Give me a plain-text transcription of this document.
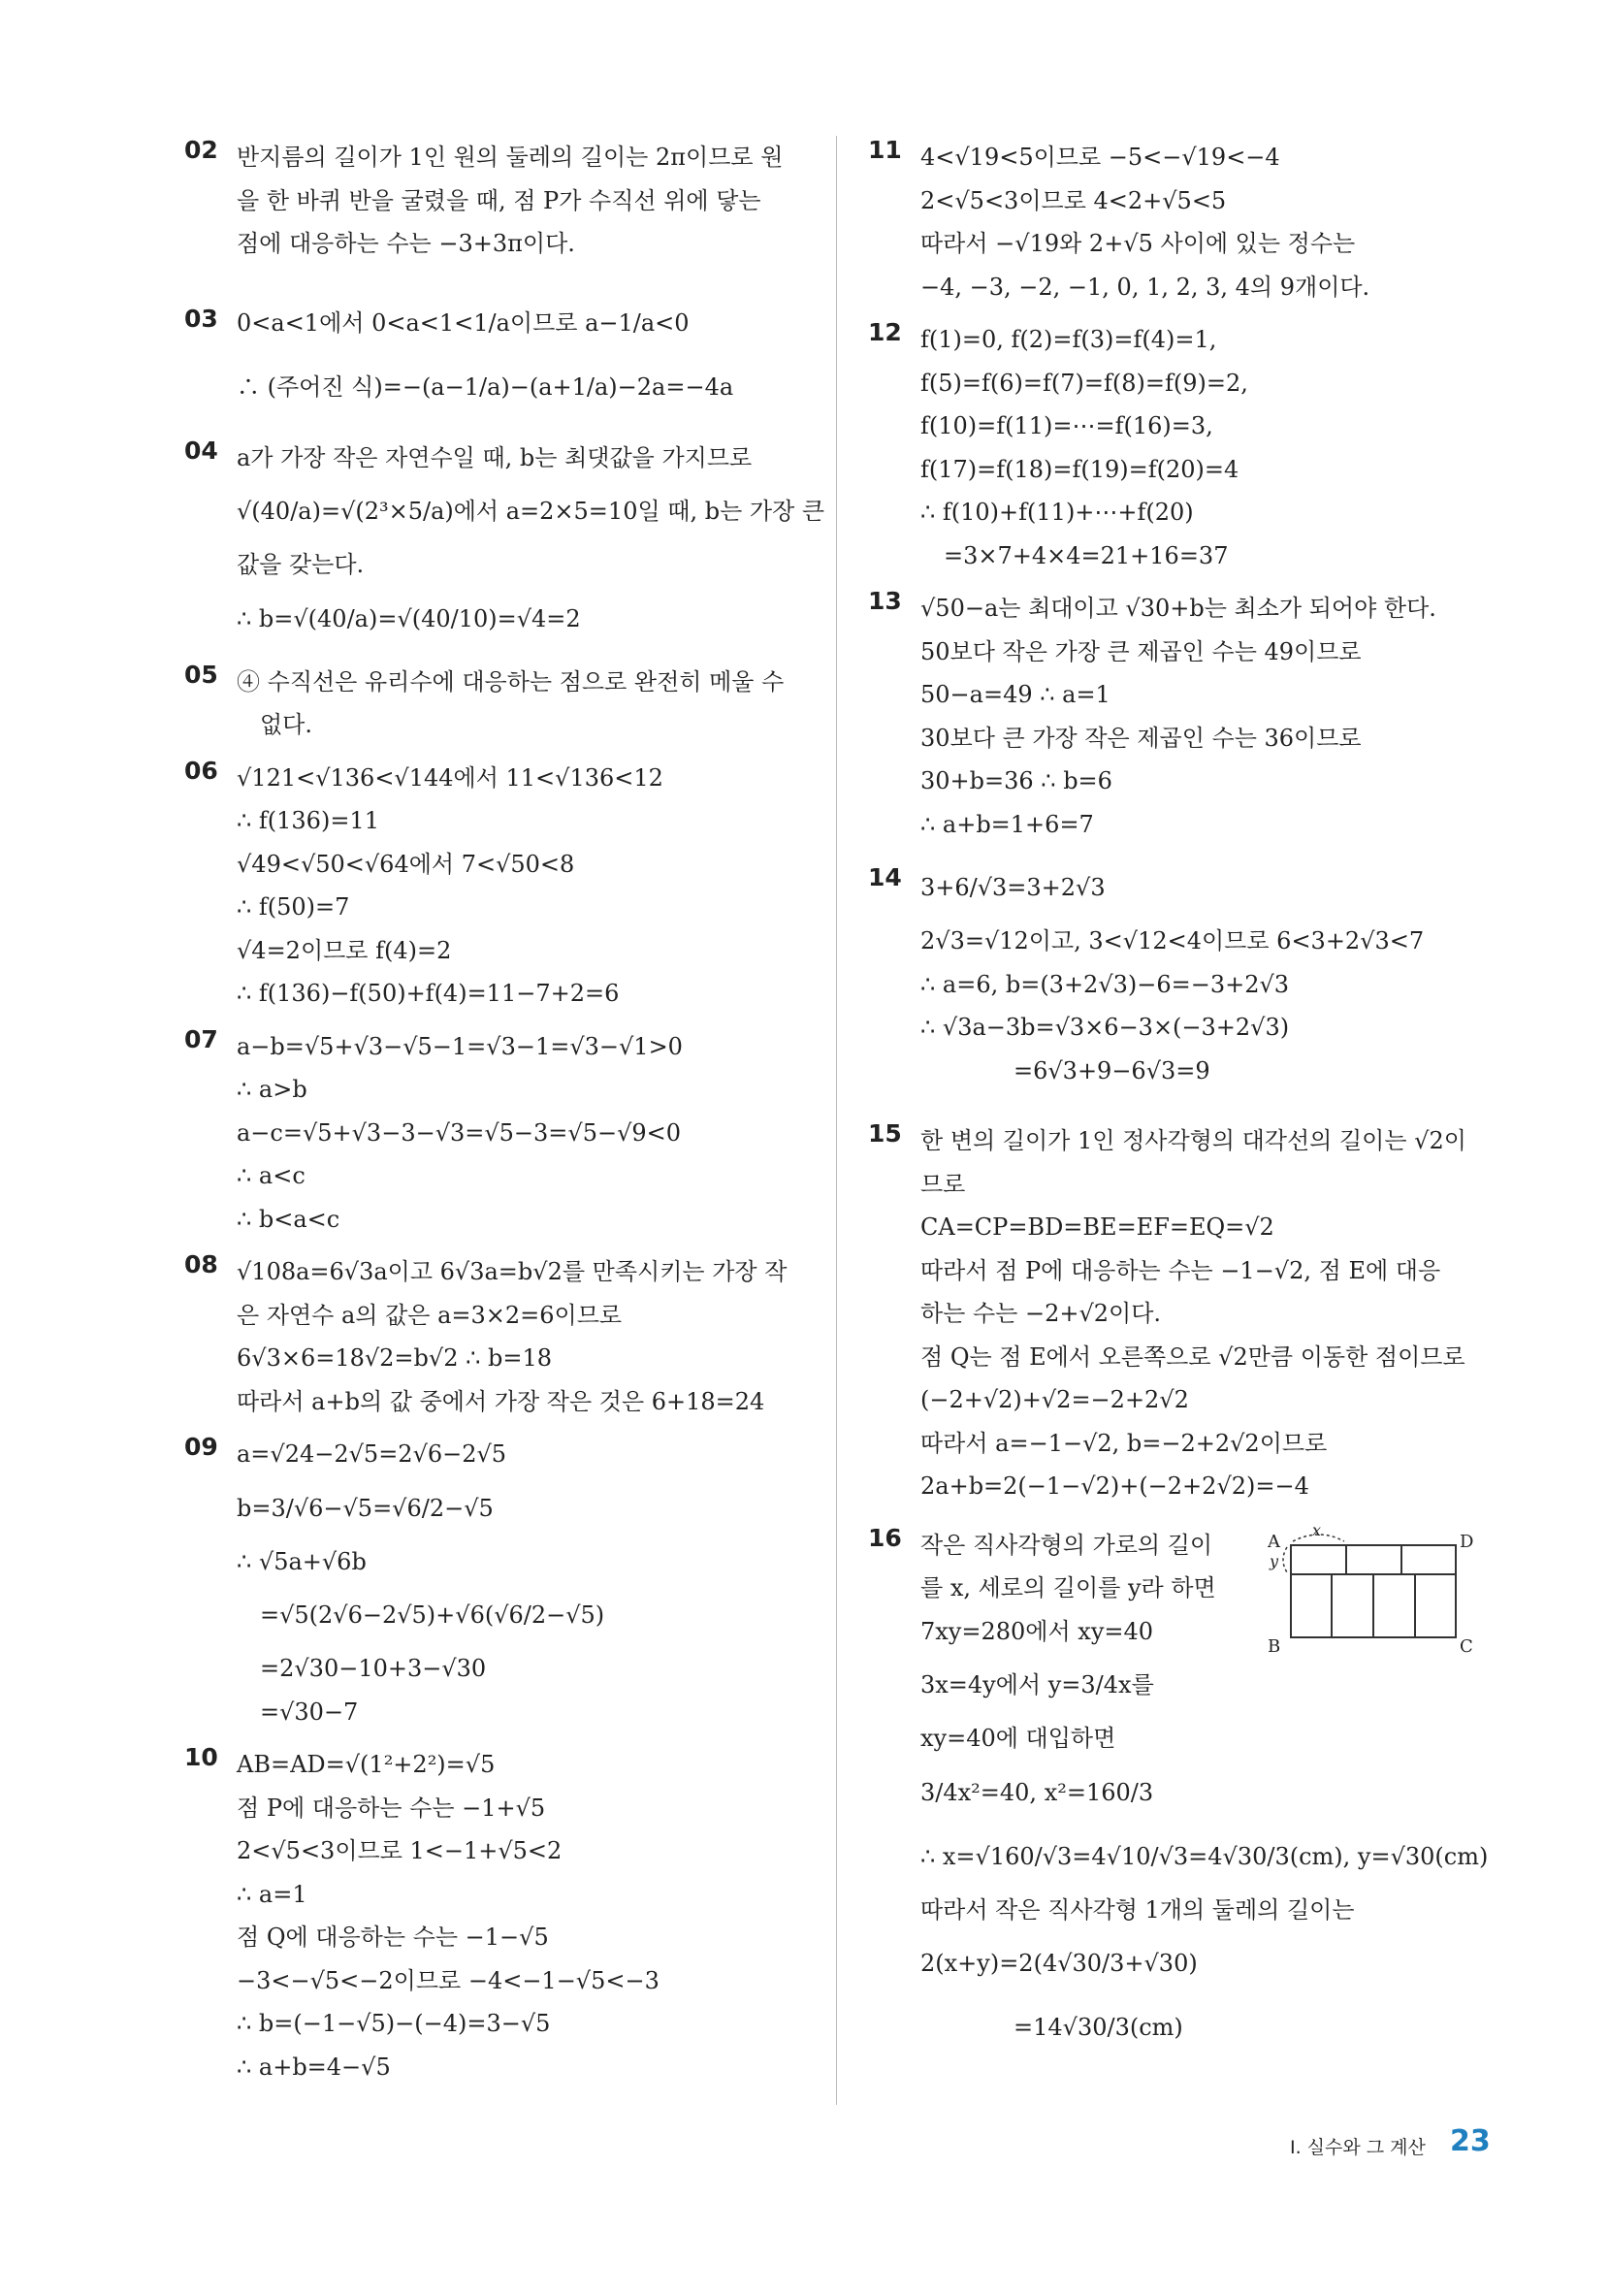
02 반지름의 길이가 1인 원의 둘레의 길이는 2π이므로 원
을 한 바퀴 반을 굴렸을 때, 점 P가 수직선 위에 닿는
점에 대응하는 수는 −3+3π이다.
03 0<a<1에서 0<a<1<1/a이므로 a−1/a<0
∴ (주어진 식)=−(a−1/a)−(a+1/a)−2a=−4a
04 a가 가장 작은 자연수일 때, b는 최댓값을 가지므로
√(40/a)=√(2³×5/a)에서 a=2×5=10일 때, b는 가장 큰
값을 갖는다.
∴ b=√(40/a)=√(40/10)=√4=2
05 ④ 수직선은 유리수에 대응하는 점으로 완전히 메울 수
없다.
06 √121<√136<√144에서 11<√136<12
∴ f(136)=11
√49<√50<√64에서 7<√50<8
∴ f(50)=7
√4=2이므로 f(4)=2
∴ f(136)−f(50)+f(4)=11−7+2=6
07 a−b=√5+√3−√5−1=√3−1=√3−√1>0
∴ a>b
a−c=√5+√3−3−√3=√5−3=√5−√9<0
∴ a<c
∴ b<a<c
08 √108a=6√3a이고 6√3a=b√2를 만족시키는 가장 작
은 자연수 a의 값은 a=3×2=6이므로
6√3×6=18√2=b√2 ∴ b=18
따라서 a+b의 값 중에서 가장 작은 것은 6+18=24
09 a=√24−2√5=2√6−2√5
b=3/√6−√5=√6/2−√5
∴ √5a+√6b
=√5(2√6−2√5)+√6(√6/2−√5)
=2√30−10+3−√30
=√30−7
10 AB=AD=√(1²+2²)=√5
점 P에 대응하는 수는 −1+√5
2<√5<3이므로 1<−1+√5<2
∴ a=1
점 Q에 대응하는 수는 −1−√5
−3<−√5<−2이므로 −4<−1−√5<−3
∴ b=(−1−√5)−(−4)=3−√5
∴ a+b=4−√5
11 4<√19<5이므로 −5<−√19<−4
2<√5<3이므로 4<2+√5<5
따라서 −√19와 2+√5 사이에 있는 정수는
−4, −3, −2, −1, 0, 1, 2, 3, 4의 9개이다.
12 f(1)=0, f(2)=f(3)=f(4)=1,
f(5)=f(6)=f(7)=f(8)=f(9)=2,
f(10)=f(11)=⋯=f(16)=3,
f(17)=f(18)=f(19)=f(20)=4
∴ f(10)+f(11)+⋯+f(20)
=3×7+4×4=21+16=37
13 √50−a는 최대이고 √30+b는 최소가 되어야 한다.
50보다 작은 가장 큰 제곱인 수는 49이므로
50−a=49 ∴ a=1
30보다 큰 가장 작은 제곱인 수는 36이므로
30+b=36 ∴ b=6
∴ a+b=1+6=7
14 3+6/√3=3+2√3
2√3=√12이고, 3<√12<4이므로 6<3+2√3<7
∴ a=6, b=(3+2√3)−6=−3+2√3
∴ √3a−3b=√3×6−3×(−3+2√3)
=6√3+9−6√3=9
15 한 변의 길이가 1인 정사각형의 대각선의 길이는 √2이
므로
CA=CP=BD=BE=EF=EQ=√2
따라서 점 P에 대응하는 수는 −1−√2, 점 E에 대응
하는 수는 −2+√2이다.
점 Q는 점 E에서 오른쪽으로 √2만큼 이동한 점이므로
(−2+√2)+√2=−2+2√2
따라서 a=−1−√2, b=−2+2√2이므로
2a+b=2(−1−√2)+(−2+2√2)=−4
16 작은 직사각형의 가로의 길이
를 x, 세로의 길이를 y라 하면
7xy=280에서 xy=40
3x=4y에서 y=3/4x를
xy=40에 대입하면
3/4x²=40, x²=160/3
∴ x=√160/√3=4√10/√3=4√30/3(cm), y=√30(cm)
따라서 작은 직사각형 1개의 둘레의 길이는
2(x+y)=2(4√30/3+√30)
=14√30/3(cm)
A	D
B	C
x
y
Ⅰ. 실수와 그 계산 23
